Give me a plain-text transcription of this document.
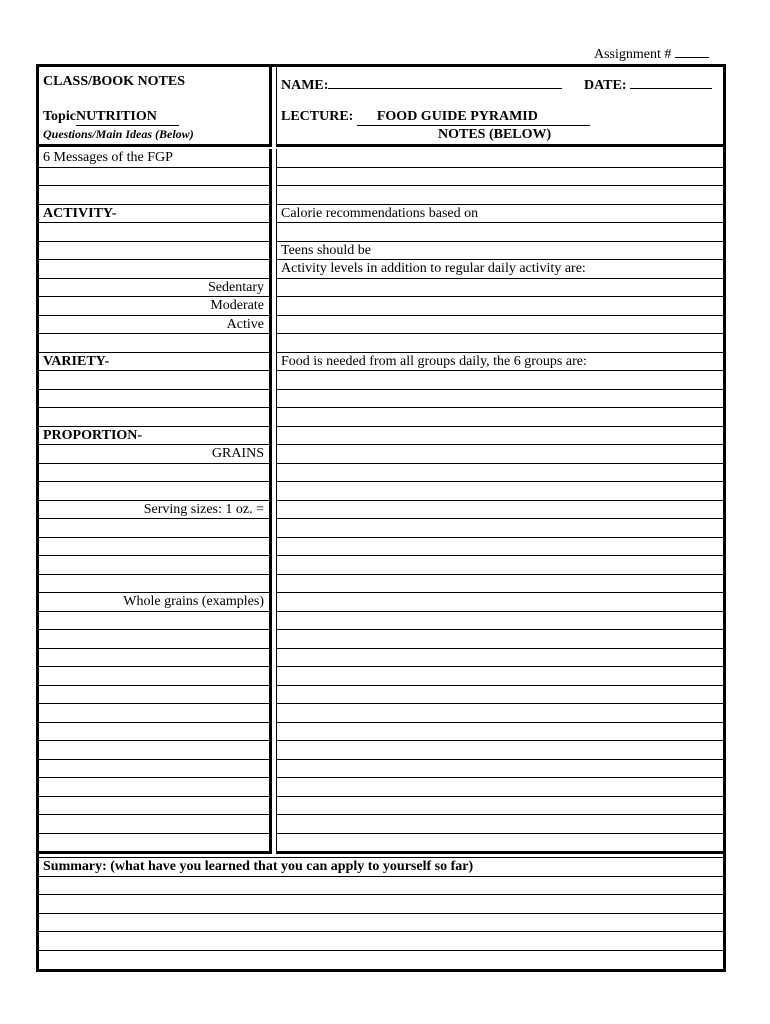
Assignment #
CLASS/BOOK NOTES
TopicNUTRITION
Questions/Main Ideas (Below)
NAME:	DATE:
LECTURE: FOOD GUIDE PYRAMID
NOTES (BELOW)
6 Messages of the FGP
ACTIVITY-
Sedentary
Moderate
Active
VARIETY-
PROPORTION-
GRAINS
Serving sizes: 1 oz. =
Whole grains (examples)
Calorie recommendations based on
Teens should be
Activity levels in addition to regular daily activity are:
Food is needed from all groups daily, the 6 groups are:
Summary: (what have you learned that you can apply to yourself so far)
